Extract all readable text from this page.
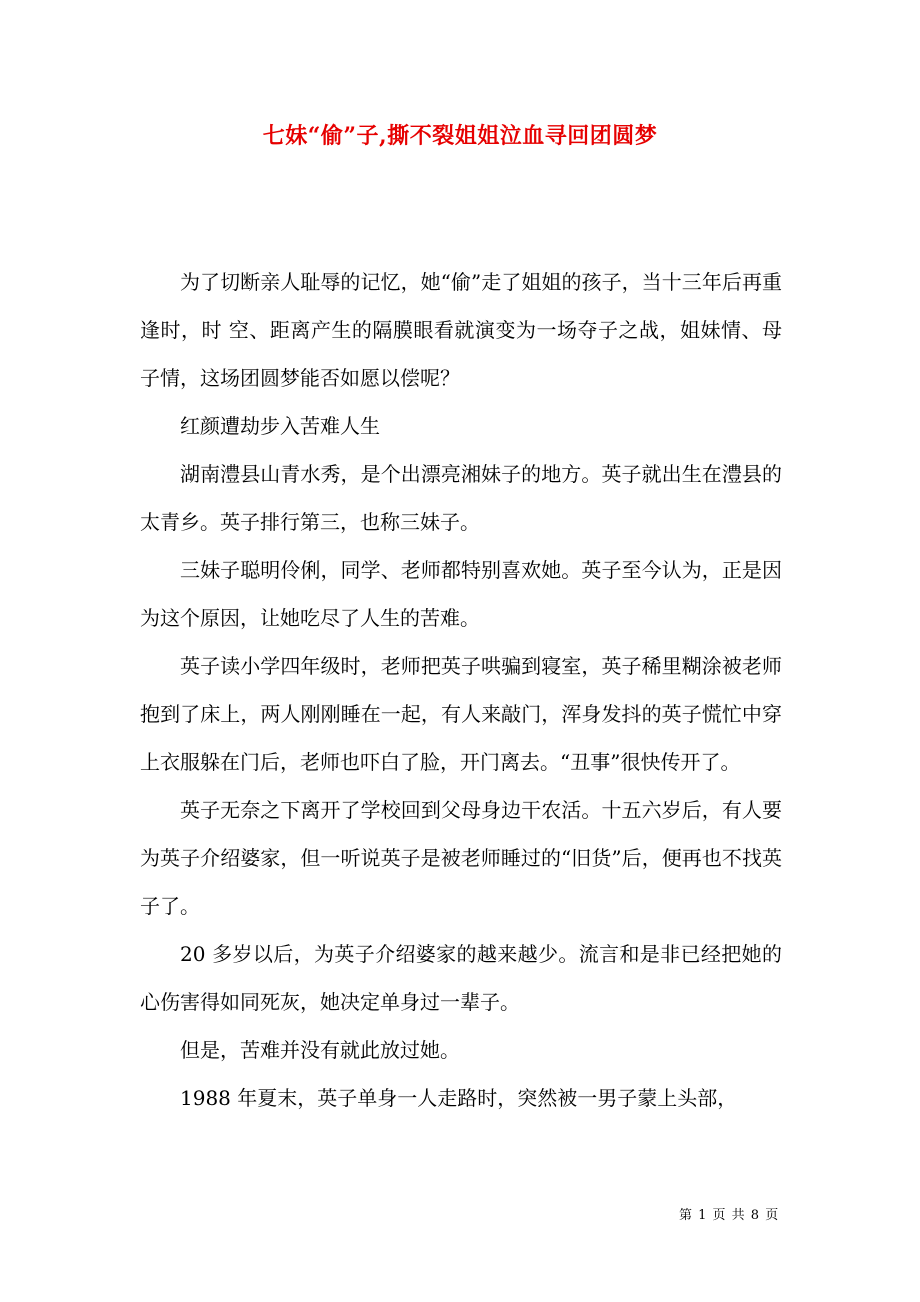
七妹“偷”子,撕不裂姐姐泣血寻回团圆梦

为了切断亲人耻辱的记忆，她“偷”走了姐姐的孩子，当十三年后再重逢时，时 空、距离产生的隔膜眼看就演变为一场夺子之战，姐妹情、母子情，这场团圆梦能否如愿以偿呢？

红颜遭劫步入苦难人生

湖南澧县山青水秀，是个出漂亮湘妹子的地方。英子就出生在澧县的太青乡。英子排行第三，也称三妹子。

三妹子聪明伶俐，同学、老师都特别喜欢她。英子至今认为，正是因为这个原因，让她吃尽了人生的苦难。

英子读小学四年级时，老师把英子哄骗到寝室，英子稀里糊涂被老师抱到了床上，两人刚刚睡在一起，有人来敲门，浑身发抖的英子慌忙中穿上衣服躲在门后，老师也吓白了脸，开门离去。“丑事”很快传开了。

英子无奈之下离开了学校回到父母身边干农活。十五六岁后，有人要为英子介绍婆家，但一听说英子是被老师睡过的“旧货”后，便再也不找英子了。

20 多岁以后，为英子介绍婆家的越来越少。流言和是非已经把她的心伤害得如同死灰，她决定单身过一辈子。

但是，苦难并没有就此放过她。

1988 年夏末，英子单身一人走路时，突然被一男子蒙上头部，

第 1 页 共 8 页
